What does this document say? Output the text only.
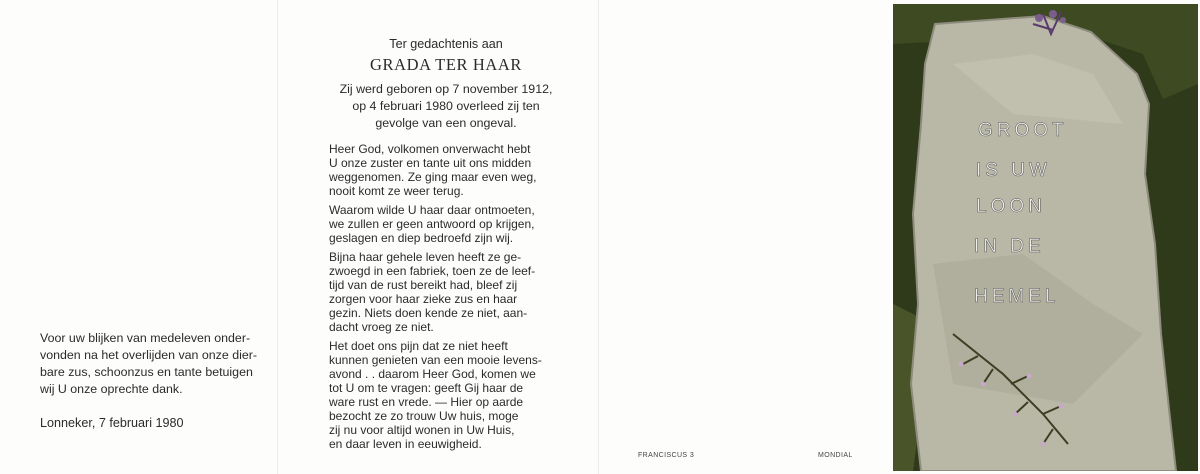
Voor uw blijken van medeleven onder-
vonden na het overlijden van onze dier-
bare zus, schoonzus en tante betuigen
wij U onze oprechte dank.

Lonneker, 7 februari 1980

Ter gedachtenis aan

GRADA TER HAAR

Zij werd geboren op 7 november 1912,
op 4 februari 1980 overleed zij ten
gevolge van een ongeval.

Heer God, volkomen onverwacht hebt
U onze zuster en tante uit ons midden
weggenomen. Ze ging maar even weg,
nooit komt ze weer terug.

Waarom wilde U haar daar ontmoeten,
we zullen er geen antwoord op krijgen,
geslagen en diep bedroefd zijn wij.

Bijna haar gehele leven heeft ze ge-
zwoegd in een fabriek, toen ze de leef-
tijd van de rust bereikt had, bleef zij
zorgen voor haar zieke zus en haar
gezin. Niets doen kende ze niet, aan-
dacht vroeg ze niet.

Het doet ons pijn dat ze niet heeft
kunnen genieten van een mooie levens-
avond . . daarom Heer God, komen we
tot U om te vragen: geeft Gij haar de
ware rust en vrede. — Hier op aarde
bezocht ze zo trouw Uw huis, moge
zij nu voor altijd wonen in Uw Huis,
en daar leven in eeuwigheid.

FRANCISCUS 3	MONDIAL
GROOT
IS UW
LOON
IN DE
HEMEL
